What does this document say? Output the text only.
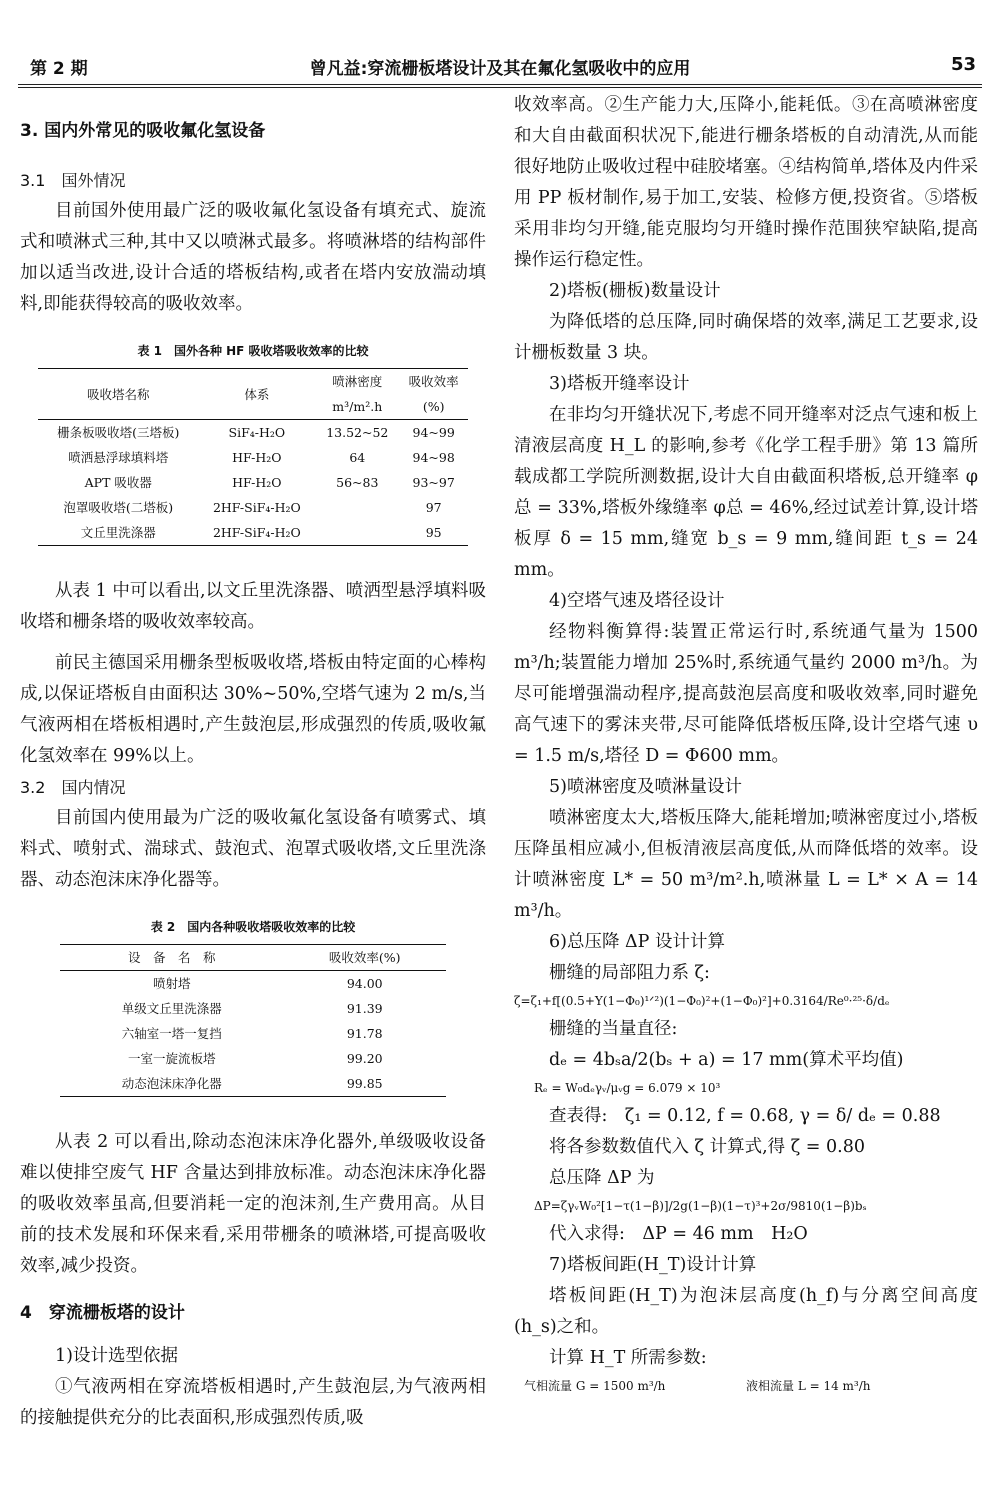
第 2 期	曾凡益:穿流栅板塔设计及其在氟化氢吸收中的应用	53

3. 国内外常见的吸收氟化氢设备

3.1　国外情况

目前国外使用最广泛的吸收氟化氢设备有填充式、旋流式和喷淋式三种,其中又以喷淋式最多。将喷淋塔的结构部件加以适当改进,设计合适的塔板结构,或者在塔内安放湍动填料,即能获得较高的吸收效率。

表 1　国外各种 HF 吸收塔吸收效率的比较
吸收塔名称	体系	喷淋密度	吸收效率
		m³/m².h	(%)
栅条板吸收塔(三塔板)	SiF₄-H₂O	13.52~52	94~99
喷洒悬浮球填料塔	HF-H₂O	64	94~98
APT 吸收器	HF-H₂O	56~83	93~97
泡罩吸收塔(二塔板)	2HF-SiF₄-H₂O		97
文丘里洗涤器	2HF-SiF₄-H₂O		95

从表 1 中可以看出,以文丘里洗涤器、喷洒型悬浮填料吸收塔和栅条塔的吸收效率较高。

前民主德国采用栅条型板吸收塔,塔板由特定面的心棒构成,以保证塔板自由面积达 30%~50%,空塔气速为 2 m/s,当气液两相在塔板相遇时,产生鼓泡层,形成强烈的传质,吸收氟化氢效率在 99%以上。

3.2　国内情况

目前国内使用最为广泛的吸收氟化氢设备有喷雾式、填料式、喷射式、湍球式、鼓泡式、泡罩式吸收塔,文丘里洗涤器、动态泡沫床净化器等。

表 2　国内各种吸收塔吸收效率的比较
设　备　名　称	吸收效率(%)
喷射塔	94.00
单级文丘里洗涤器	91.39
六轴室一塔一复挡	91.78
一室一旋流板塔	99.20
动态泡沫床净化器	99.85

从表 2 可以看出,除动态泡沫床净化器外,单级吸收设备难以使排空废气 HF 含量达到排放标准。动态泡沫床净化器的吸收效率虽高,但要消耗一定的泡沫剂,生产费用高。从目前的技术发展和环保来看,采用带栅条的喷淋塔,可提高吸收效率,减少投资。

4　穿流栅板塔的设计

1)设计选型依据

①气液两相在穿流塔板相遇时,产生鼓泡层,为气液两相的接触提供充分的比表面积,形成强烈传质,吸

收效率高。②生产能力大,压降小,能耗低。③在高喷淋密度和大自由截面积状况下,能进行栅条塔板的自动清洗,从而能很好地防止吸收过程中硅胶堵塞。④结构简单,塔体及内件采用 PP 板材制作,易于加工,安装、检修方便,投资省。⑤塔板采用非均匀开缝,能克服均匀开缝时操作范围狭窄缺陷,提高操作运行稳定性。

2)塔板(栅板)数量设计

为降低塔的总压降,同时确保塔的效率,满足工艺要求,设计栅板数量 3 块。

3)塔板开缝率设计

在非均匀开缝状况下,考虑不同开缝率对泛点气速和板上清液层高度 H_L 的影响,参考《化学工程手册》第 13 篇所载成都工学院所测数据,设计大自由截面积塔板,总开缝率 φ总 = 33%,塔板外缘缝率 φ总 = 46%,经过试差计算,设计塔板厚 δ = 15 mm,缝宽 b_s = 9 mm,缝间距 t_s = 24 mm。

4)空塔气速及塔径设计

经物料衡算得:装置正常运行时,系统通气量为 1500 m³/h;装置能力增加 25%时,系统通气量约 2000 m³/h。为尽可能增强湍动程序,提高鼓泡层高度和吸收效率,同时避免高气速下的雾沫夹带,尽可能降低塔板压降,设计空塔气速 υ = 1.5 m/s,塔径 D = Φ600 mm。

5)喷淋密度及喷淋量设计

喷淋密度太大,塔板压降大,能耗增加;喷淋密度过小,塔板压降虽相应减小,但板清液层高度低,从而降低塔的效率。设计喷淋密度 L* = 50 m³/m².h,喷淋量 L = L* × A = 14 m³/h。

6)总压降 ΔP 设计计算

栅缝的局部阻力系 ζ:

ζ=ζ₁+f[(0.5+Y(1−Φ₀)¹ᐟ²)(1−Φ₀)²+(1−Φ₀)²]+0.3164/Re⁰·²⁵·δ/dₑ

栅缝的当量直径:

dₑ = 4bₛa/2(bₛ + a) = 17 mm(算术平均值)

Rₑ = W₀dₑγᵥ/μᵥg = 6.079 × 10³

查表得:　ζ₁ = 0.12, f = 0.68, γ = δ/ dₑ = 0.88

将各参数数值代入 ζ 计算式,得 ζ = 0.80

总压降 ΔP 为

ΔP=ζγᵥW₀²[1−τ(1−β)]/2g(1−β)(1−τ)³+2σ/9810(1−β)bₛ

代入求得:　ΔP = 46 mm　H₂O

7)塔板间距(H_T)设计计算

塔板间距(H_T)为泡沫层高度(h_f)与分离空间高度(h_s)之和。

计算 H_T 所需参数:

气相流量 G = 1500 m³/h	液相流量 L = 14 m³/h
